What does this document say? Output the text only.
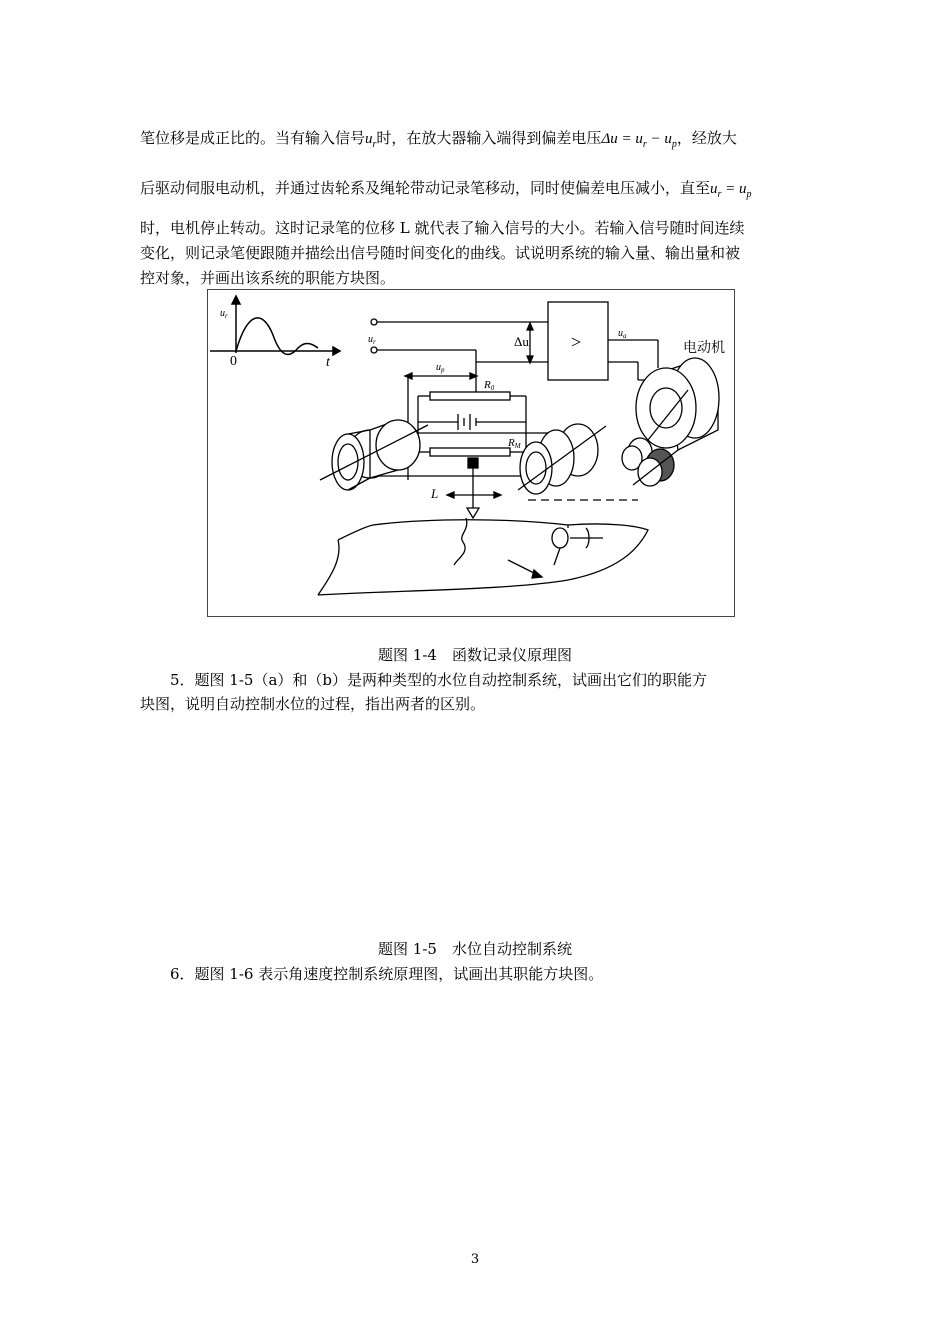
笔位移是成正比的。当有输入信号$u_r$时，在放大器输入端得到偏差电压$\Delta u = u_r - u_p$，经放大
后驱动伺服电动机，并通过齿轮系及绳轮带动记录笔移动，同时使偏差电压减小，直至$u_r = u_p$
时，电机停止转动。这时记录笔的位移 L 就代表了输入信号的大小。若输入信号随时间连续
变化，则记录笔便跟随并描绘出信号随时间变化的曲线。试说明系统的输入量、输出量和被
控对象，并画出该系统的职能方块图。
$u_r$
0	t
$u_r$	Δu >	$u_a$
电动机
$u_p$
R0
RM
L
题图 1-4　函数记录仪原理图
5．题图 1-5（a）和（b）是两种类型的水位自动控制系统，试画出它们的职能方
块图，说明自动控制水位的过程，指出两者的区别。
题图 1-5　水位自动控制系统
6．题图 1-6 表示角速度控制系统原理图，试画出其职能方块图。
3
